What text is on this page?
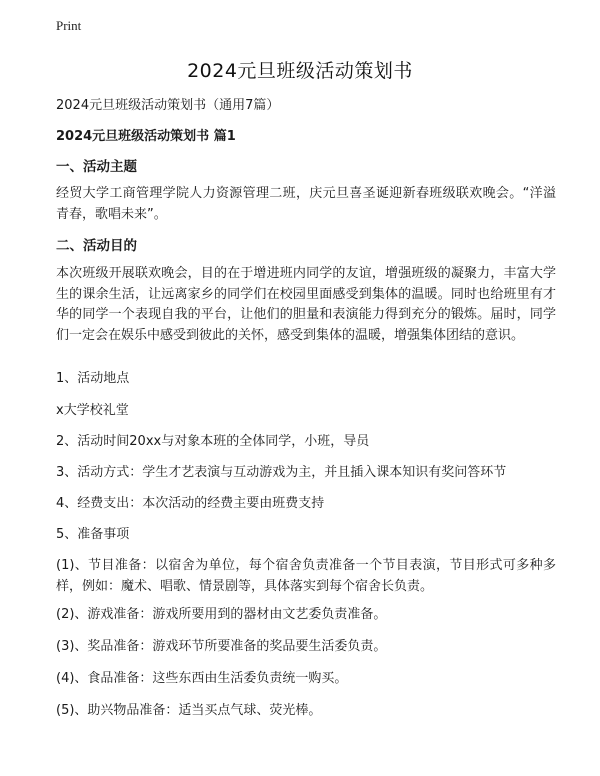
Print
2024元旦班级活动策划书
2024元旦班级活动策划书（通用7篇）
2024元旦班级活动策划书 篇1
一、活动主题
经贸大学工商管理学院人力资源管理二班，庆元旦喜圣诞迎新春班级联欢晚会。“洋溢青春，歌唱未来”。
二、活动目的
本次班级开展联欢晚会，目的在于增进班内同学的友谊，增强班级的凝聚力，丰富大学生的课余生活，让远离家乡的同学们在校园里面感受到集体的温暖。同时也给班里有才华的同学一个表现自我的平台，让他们的胆量和表演能力得到充分的锻炼。届时，同学们一定会在娱乐中感受到彼此的关怀，感受到集体的温暖，增强集体团结的意识。
1、活动地点
x大学校礼堂
2、活动时间20xx与对象本班的全体同学，小班，导员
3、活动方式：学生才艺表演与互动游戏为主，并且插入课本知识有奖问答环节
4、经费支出：本次活动的经费主要由班费支持
5、准备事项
(1)、节目准备：以宿舍为单位，每个宿舍负责准备一个节目表演，节目形式可多种多样，例如：魔术、唱歌、情景剧等，具体落实到每个宿舍长负责。
(2)、游戏准备：游戏所要用到的器材由文艺委负责准备。
(3)、奖品准备：游戏环节所要准备的奖品要生活委负责。
(4)、食品准备：这些东西由生活委负责统一购买。
(5)、助兴物品准备：适当买点气球、荧光棒。
